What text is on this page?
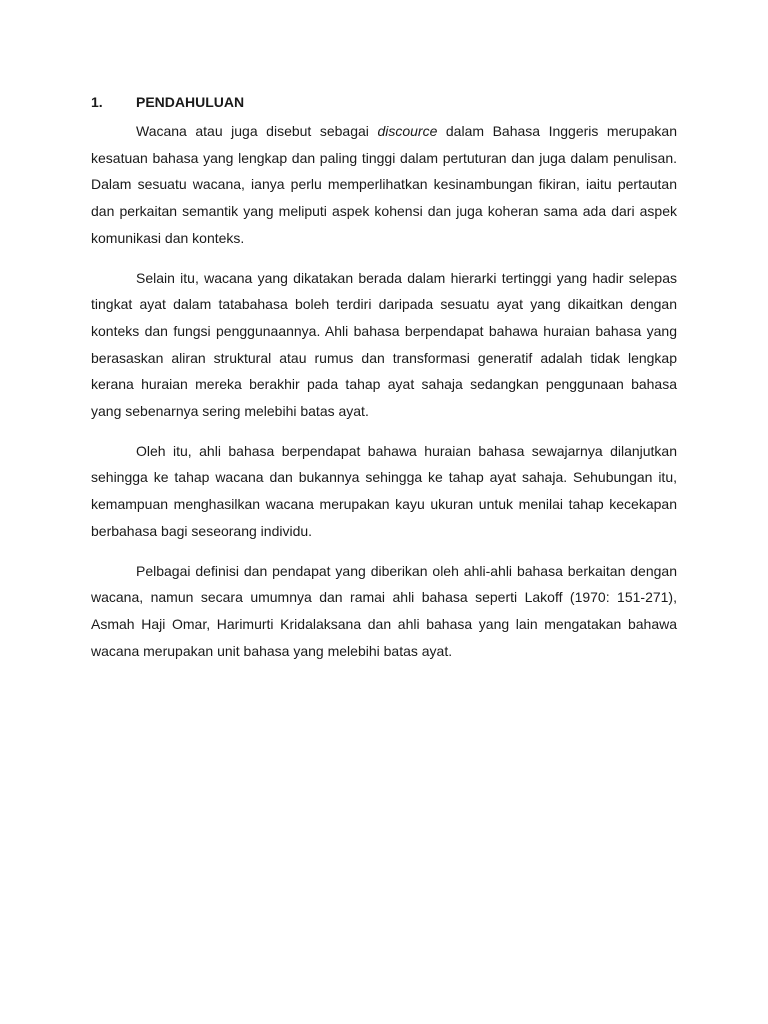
1.	PENDAHULUAN

Wacana atau juga disebut sebagai discource dalam Bahasa Inggeris merupakan kesatuan bahasa yang lengkap dan paling tinggi dalam pertuturan dan juga dalam penulisan. Dalam sesuatu wacana, ianya perlu memperlihatkan kesinambungan fikiran, iaitu pertautan dan perkaitan semantik yang meliputi aspek kohensi dan juga koheran sama ada dari aspek komunikasi dan konteks.

Selain itu, wacana yang dikatakan berada dalam hierarki tertinggi yang hadir selepas tingkat ayat dalam tatabahasa boleh terdiri daripada sesuatu ayat yang dikaitkan dengan konteks dan fungsi penggunaannya. Ahli bahasa berpendapat bahawa huraian bahasa yang berasaskan aliran struktural atau rumus dan transformasi generatif adalah tidak lengkap kerana huraian mereka berakhir pada tahap ayat sahaja sedangkan penggunaan bahasa yang sebenarnya sering melebihi batas ayat.

Oleh itu, ahli bahasa berpendapat bahawa huraian bahasa sewajarnya dilanjutkan sehingga ke tahap wacana dan bukannya sehingga ke tahap ayat sahaja. Sehubungan itu, kemampuan menghasilkan wacana merupakan kayu ukuran untuk menilai tahap kecekapan berbahasa bagi seseorang individu.

Pelbagai definisi dan pendapat yang diberikan oleh ahli-ahli bahasa berkaitan dengan wacana, namun secara umumnya dan ramai ahli bahasa seperti Lakoff (1970: 151-271), Asmah Haji Omar, Harimurti Kridalaksana dan ahli bahasa yang lain mengatakan bahawa wacana merupakan unit bahasa yang melebihi batas ayat.
